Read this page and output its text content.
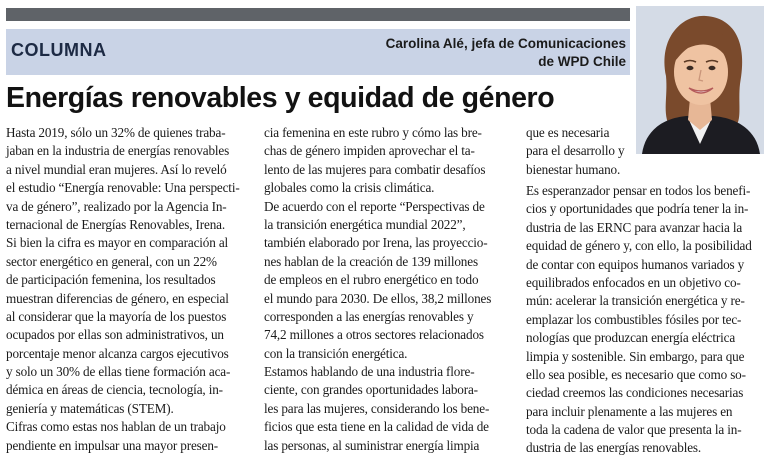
COLUMNA	Carolina Alé, jefa de Comunicaciones
de WPD Chile
Energías renovables y equidad de género
Hasta 2019, sólo un 32% de quienes traba-
jaban en la industria de energías renovables
a nivel mundial eran mujeres. Así lo reveló
el estudio “Energía renovable: Una perspecti-
va de género”, realizado por la Agencia In-
ternacional de Energías Renovables, Irena.
Si bien la cifra es mayor en comparación al
sector energético en general, con un 22%
de participación femenina, los resultados
muestran diferencias de género, en especial
al considerar que la mayoría de los puestos
ocupados por ellas son administrativos, un
porcentaje menor alcanza cargos ejecutivos
y solo un 30% de ellas tiene formación aca-
démica en áreas de ciencia, tecnología, in-
geniería y matemáticas (STEM).
Cifras como estas nos hablan de un trabajo
pendiente en impulsar una mayor presen-
cia femenina en este rubro y cómo las bre-
chas de género impiden aprovechar el ta-
lento de las mujeres para combatir desafíos
globales como la crisis climática.
De acuerdo con el reporte “Perspectivas de
la transición energética mundial 2022”,
también elaborado por Irena, las proyeccio-
nes hablan de la creación de 139 millones
de empleos en el rubro energético en todo
el mundo para 2030. De ellos, 38,2 millones
corresponden a las energías renovables y
74,2 millones a otros sectores relacionados
con la transición energética.
Estamos hablando de una industria flore-
ciente, con grandes oportunidades labora-
les para las mujeres, considerando los bene-
ficios que esta tiene en la calidad de vida de
las personas, al suministrar energía limpia
que es necesaria
para el desarrollo y
bienestar humano.
Es esperanzador pensar en todos los benefi-
cios y oportunidades que podría tener la in-
dustria de las ERNC para avanzar hacia la
equidad de género y, con ello, la posibilidad
de contar con equipos humanos variados y
equilibrados enfocados en un objetivo co-
mún: acelerar la transición energética y re-
emplazar los combustibles fósiles por tec-
nologías que produzcan energía eléctrica
limpia y sostenible. Sin embargo, para que
ello sea posible, es necesario que como so-
ciedad creemos las condiciones necesarias
para incluir plenamente a las mujeres en
toda la cadena de valor que presenta la in-
dustria de las energías renovables.
